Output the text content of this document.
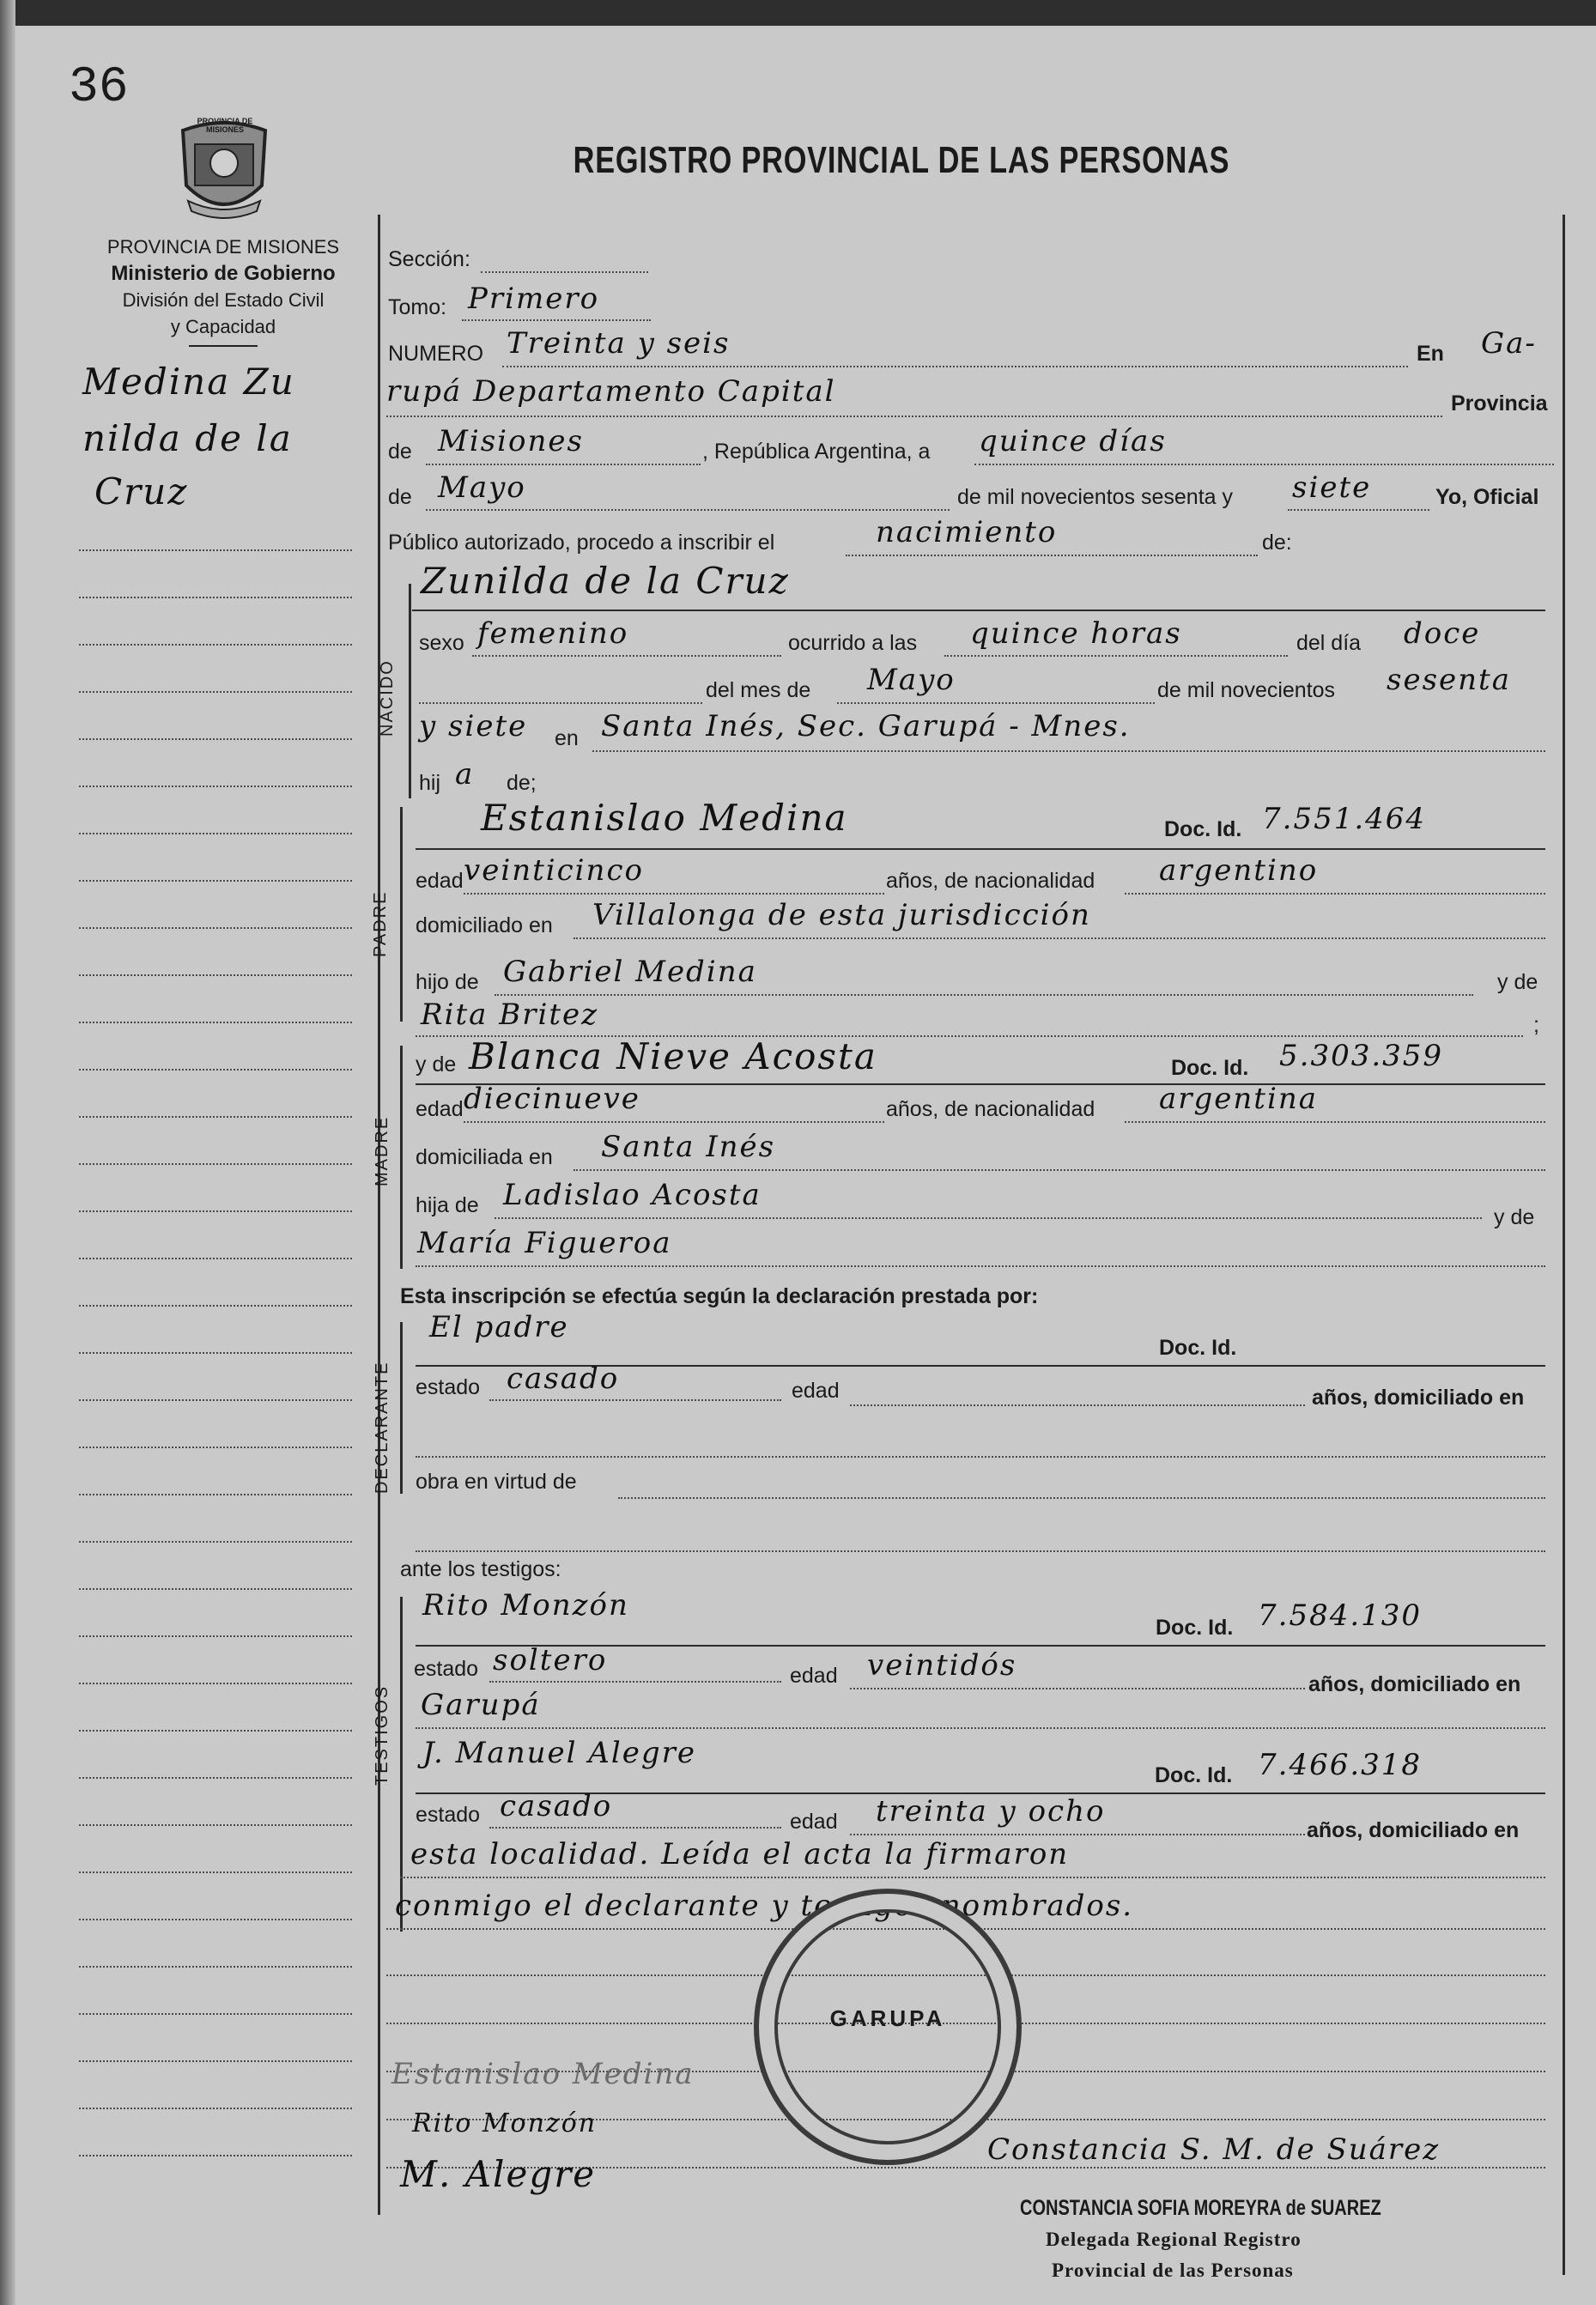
36
REGISTRO PROVINCIAL DE LAS PERSONAS
PROVINCIA DE MISIONES
PROVINCIA DE MISIONES
Ministerio de Gobierno
División del Estado Civil
y Capacidad
Medina Zu
nilda de la
Cruz
Sección:
Tomo: Primero
NUMERO Treinta y seis	En Ga-
rupá Departamento Capital	Provincia
de Misiones	, República Argentina, a quince días
de Mayo	de mil novecientos sesenta y siete	Yo, Oficial
Público autorizado, procedo a inscribir el	nacimiento	de:
NACIDO
Zunilda de la Cruz
sexo femenino	ocurrido a las quince horas	del día doce
del mes de Mayo	de mil novecientos sesenta
y siete en Santa Inés, Sec. Garupá - Mnes.
hij a de;
PADRE
Estanislao Medina	Doc. Id. 7.551.464
edad veinticinco	años, de nacionalidad argentino
domiciliado en Villalonga de esta jurisdicción
hijo de Gabriel Medina	y de
Rita Britez	;
MADRE
y de Blanca Nieve Acosta	Doc. Id. 5.303.359
edad diecinueve	años, de nacionalidad argentina
domiciliada en Santa Inés
hija de Ladislao Acosta
y de
María Figueroa
Esta inscripción se efectúa según la declaración prestada por:
DECLARANTE
El padre
Doc. Id.
estado casado	edad	años, domiciliado en
obra en virtud de
ante los testigos:
TESTIGOS
Rito Monzón
Doc. Id. 7.584.130
estado soltero	edad veintidós
años, domiciliado en
Garupá
J. Manuel Alegre
Doc. Id. 7.466.318
estado casado	edad treinta y ocho
años, domiciliado en
esta localidad. Leída el acta la firmaron
conmigo el declarante y testigos nombrados.
GARUPA
Estanislao Medina
Rito Monzón
M. Alegre
Constancia S. M. de Suárez
CONSTANCIA SOFIA MOREYRA de SUAREZ
Delegada Regional Registro
Provincial de las Personas
